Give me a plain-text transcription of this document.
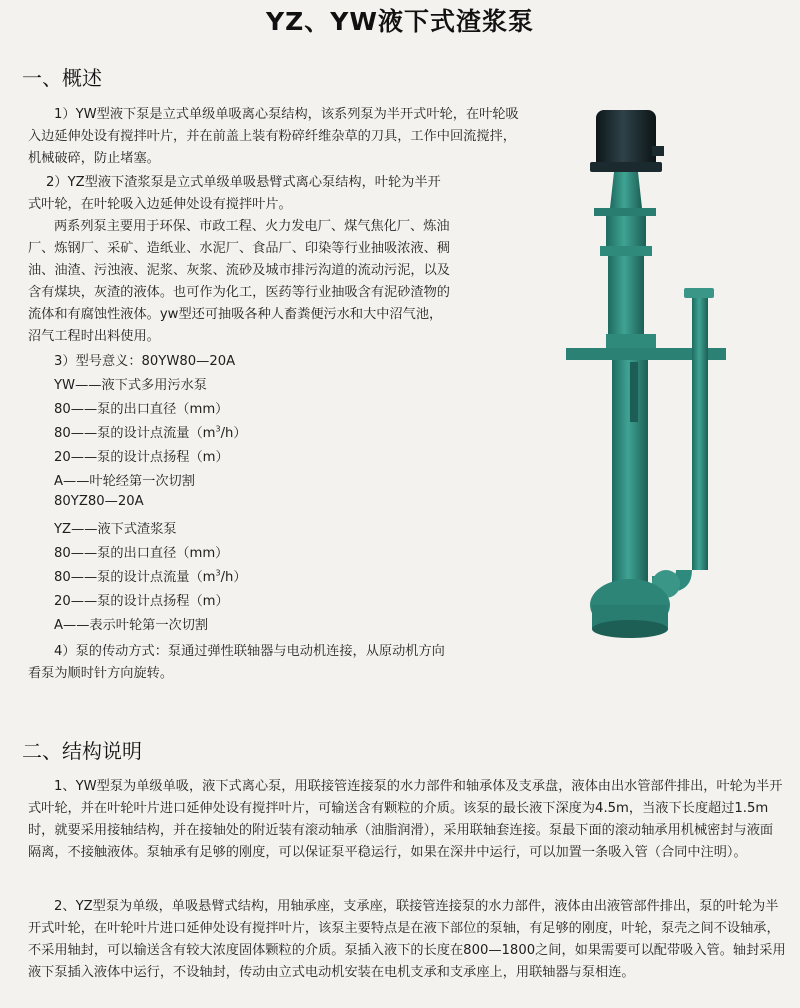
YZ、YW液下式渣浆泵
一、概述

1）YW型液下泵是立式单级单吸离心泵结构，该系列泵为半开式叶轮，在叶轮吸入边延伸处设有搅拌叶片，并在前盖上装有粉碎纤维杂草的刀具，工作中回流搅拌，机械破碎，防止堵塞。

2）YZ型液下渣浆泵是立式单级单吸悬臂式离心泵结构，叶轮为半开
式叶轮，在叶轮吸入边延伸处设有搅拌叶片。
两系列泵主要用于环保、市政工程、火力发电厂、煤气焦化厂、炼油
厂、炼钢厂、采矿、造纸业、水泥厂、食品厂、印染等行业抽吸浓液、稠
油、油渣、污浊液、泥浆、灰浆、流砂及城市排污沟道的流动污泥，以及
含有煤块，灰渣的液体。也可作为化工，医药等行业抽吸含有泥砂渣物的
流体和有腐蚀性液体。yw型还可抽吸各种人畜粪便污水和大中沼气池，
沼气工程时出料使用。
3）型号意义：80YW80—20A
YW——液下式多用污水泵
80——泵的出口直径（mm）
80——泵的设计点流量$(m^3/h)$
20——泵的设计点扬程（m）
A——叶轮经第一次切割
80YZ80—20A
YZ——液下式渣浆泵
80——泵的出口直径（mm）
80——泵的设计点流量$(m^3/h)$
20——泵的设计点扬程（m）
A——表示叶轮第一次切割
4）泵的传动方式：泵通过弹性联轴器与电动机连接，从原动机方向
看泵为顺时针方向旋转。
二、结构说明

1、YW型泵为单级单吸，液下式离心泵，用联接管连接泵的水力部件和轴承体及支承盘，液体由出水管部件排出，叶轮为半开式叶轮，并在叶轮叶片进口延伸处设有搅拌叶片，可输送含有颗粒的介质。该泵的最长液下深度为4.5m，当液下长度超过1.5m时，就要采用接轴结构，并在接轴处的附近装有滚动轴承（油脂润滑），采用联轴套连接。泵最下面的滚动轴承用机械密封与液面隔离，不接触液体。泵轴承有足够的刚度，可以保证泵平稳运行，如果在深井中运行，可以加置一条吸入管（合同中注明）。

2、YZ型泵为单级，单吸悬臂式结构，用轴承座，支承座，联接管连接泵的水力部件，液体由出液管部件排出，泵的叶轮为半开式叶轮，在叶轮叶片进口延伸处设有搅拌叶片，该泵主要特点是在液下部位的泵轴，有足够的刚度，叶轮，泵壳之间不设轴承，不采用轴封，可以输送含有较大浓度固体颗粒的介质。泵插入液下的长度在800—1800之间，如果需要可以配带吸入管。轴封采用液下泵插入液体中运行，不设轴封，传动由立式电动机安装在电机支承和支承座上，用联轴器与泵相连。
